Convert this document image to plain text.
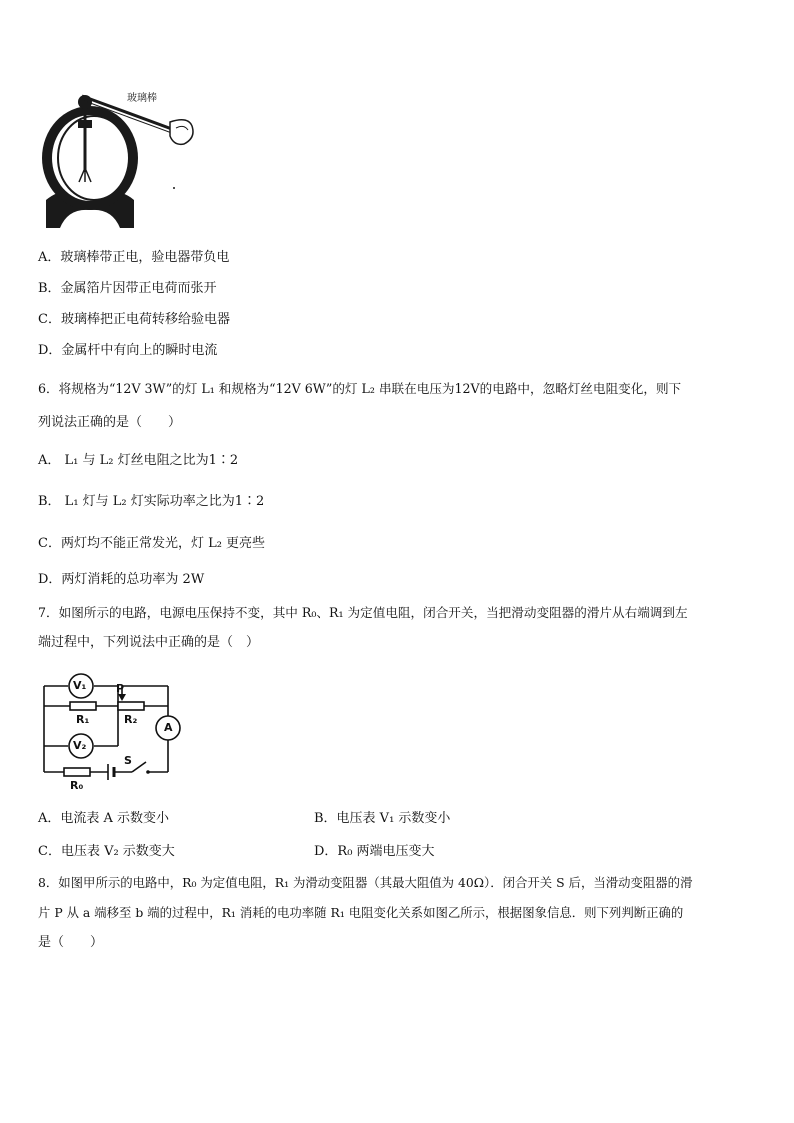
玻璃棒
A．玻璃棒带正电，验电器带负电
B．金属箔片因带正电荷而张开
C．玻璃棒把正电荷转移给验电器
D．金属杆中有向上的瞬时电流
6．将规格为“12V 3W”的灯 L₁ 和规格为“12V 6W”的灯 L₂ 串联在电压为12V的电路中，忽略灯丝电阻变化，则下
列说法正确的是（　　）
A． L₁ 与 L₂ 灯丝电阻之比为1∶2
B． L₁ 灯与 L₂ 灯实际功率之比为1∶2
C．两灯均不能正常发光，灯 L₂ 更亮些
D．两灯消耗的总功率为 2W
7．如图所示的电路，电源电压保持不变，其中 R₀、R₁ 为定值电阻，闭合开关，当把滑动变阻器的滑片从右端调到左
端过程中，下列说法中正确的是（　）
V₁
V₂
P
R₁	R₂
A
R₀
S
A．电流表 A 示数变小	B．电压表 V₁ 示数变小
C．电压表 V₂ 示数变大	D．R₀ 两端电压变大
8．如图甲所示的电路中，R₀ 为定值电阻，R₁ 为滑动变阻器（其最大阻值为 40Ω）．闭合开关 S 后，当滑动变阻器的滑
片 P 从 a 端移至 b 端的过程中，R₁ 消耗的电功率随 R₁ 电阻变化关系如图乙所示，根据图象信息．则下列判断正确的
是（　　）
